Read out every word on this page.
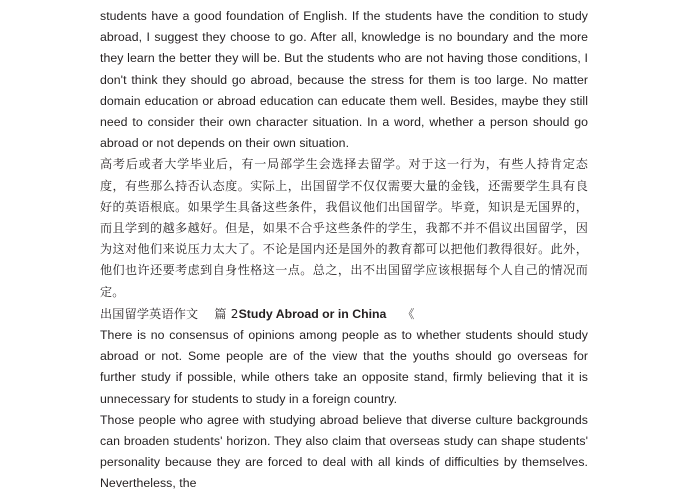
students have a good foundation of English. If the students have the condition to study abroad, I suggest they choose to go. After all, knowledge is no boundary and the more they learn the better they will be. But the students who are not having those conditions, I don't think they should go abroad, because the stress for them is too large. No matter domain education or abroad education can educate them well. Besides, maybe they still need to consider their own character situation. In a word, whether a person should go abroad or not depends on their own situation.

高考后或者大学毕业后，有一局部学生会选择去留学。对于这一行为，有些人持肯定态度，有些那么持否认态度。实际上，出国留学不仅仅需要大量的金钱，还需要学生具有良好的英语根底。如果学生具备这些条件，我倡议他们出国留学。毕竟，知识是无国界的，而且学到的越多越好。但是，如果不合乎这些条件的学生，我都不并不倡议出国留学，因为这对他们来说压力太大了。不论是国内还是国外的教育都可以把他们教得很好。此外，他们也许还要考虑到自身性格这一点。总之，出不出国留学应该根据每个人自己的情况而定。

出国留学英语作文 篇 2Study Abroad or in China 《

There is no consensus of opinions among people as to whether students should study abroad or not. Some people are of the view that the youths should go overseas for further study if possible, while others take an opposite stand, firmly believing that it is unnecessary for students to study in a foreign country.

Those people who agree with studying abroad believe that diverse culture backgrounds can broaden students' horizon. They also claim that overseas study can shape students' personality because they are forced to deal with all kinds of difficulties by themselves. Nevertheless, the
